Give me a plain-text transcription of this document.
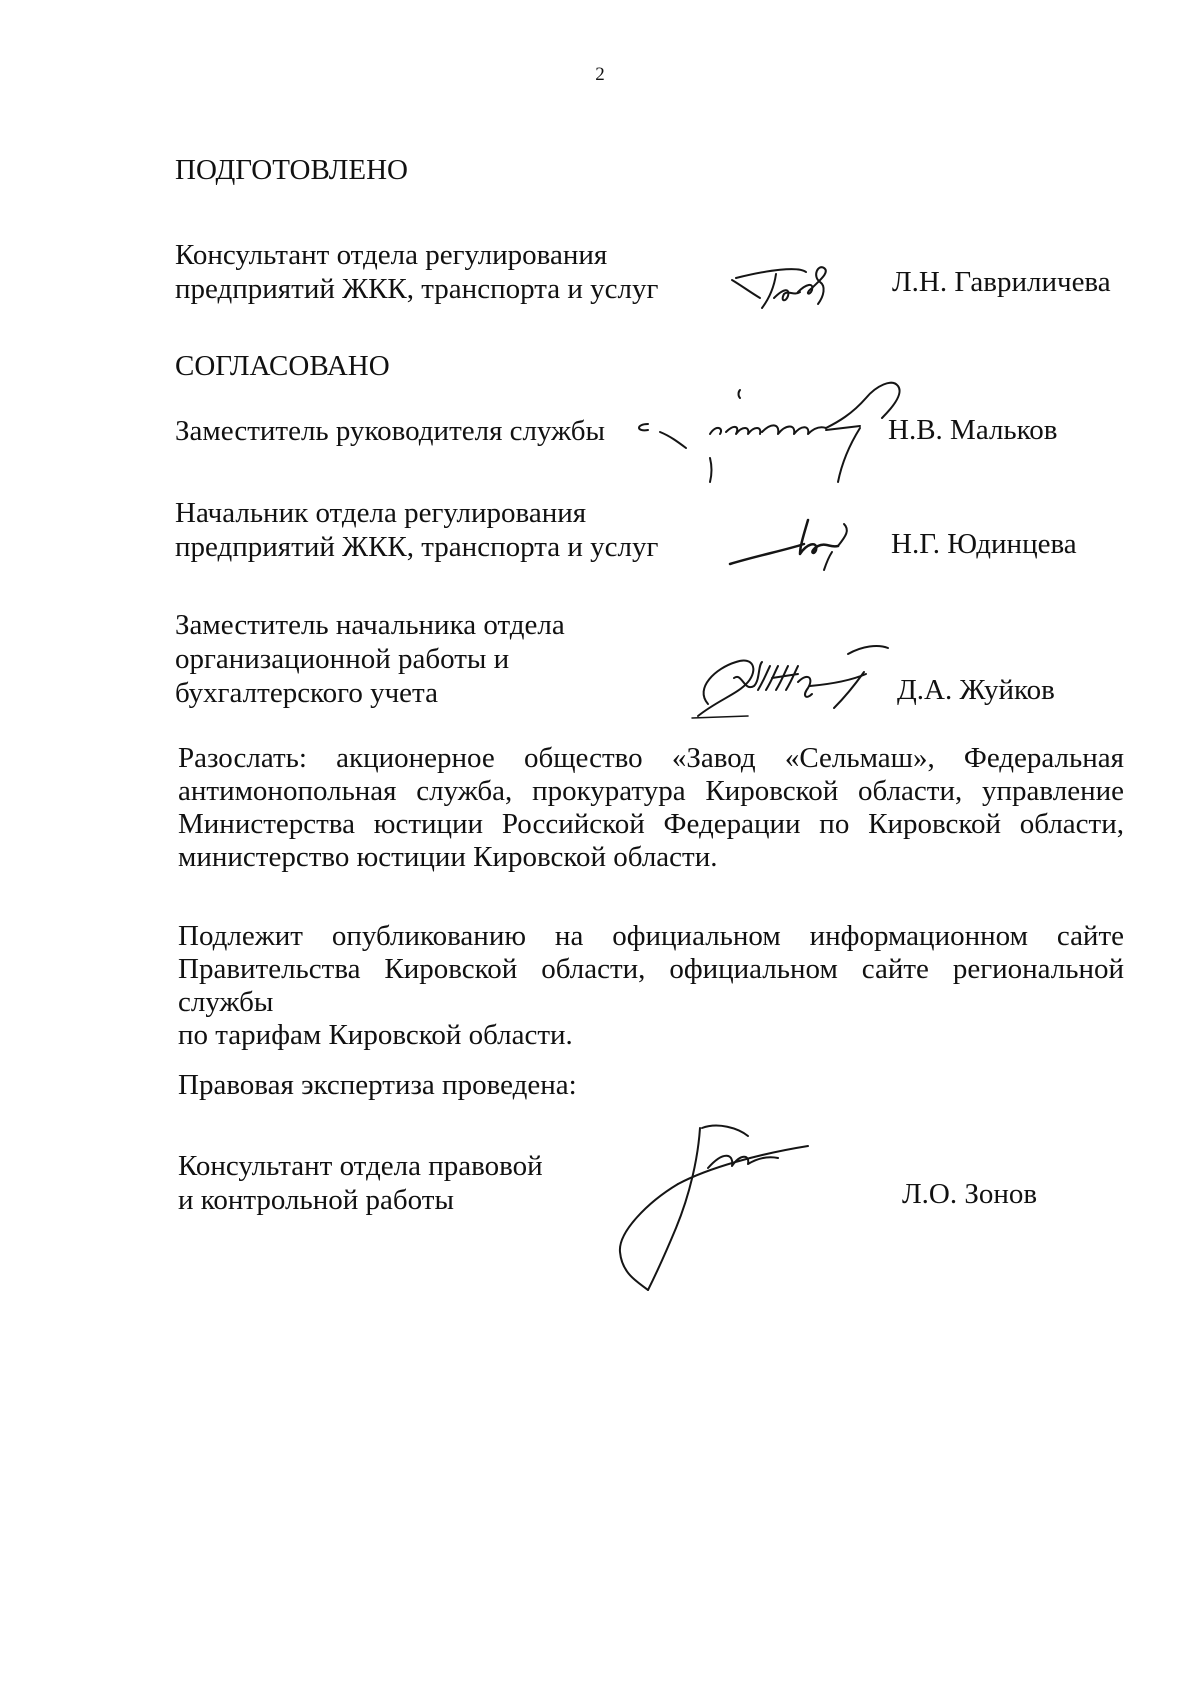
2
ПОДГОТОВЛЕНО
Консультант отдела регулирования
предприятий ЖКК, транспорта и услуг	Л.Н. Гавриличева
СОГЛАСОВАНО
Заместитель руководителя службы	Н.В. Мальков
Начальник отдела регулирования
предприятий ЖКК, транспорта и услуг	Н.Г. Юдинцева
Заместитель начальника отдела
организационной работы и
бухгалтерского учета	Д.А. Жуйков
Разослать: акционерное общество «Завод «Сельмаш», Федеральная
антимонопольная служба, прокуратура Кировской области, управление
Министерства юстиции Российской Федерации по Кировской области,
министерство юстиции Кировской области.
Подлежит опубликованию на официальном информационном сайте
Правительства Кировской области, официальном сайте региональной службы
по тарифам Кировской области.
Правовая экспертиза проведена:
Консультант отдела правовой
и контрольной работы	Л.О. Зонов
